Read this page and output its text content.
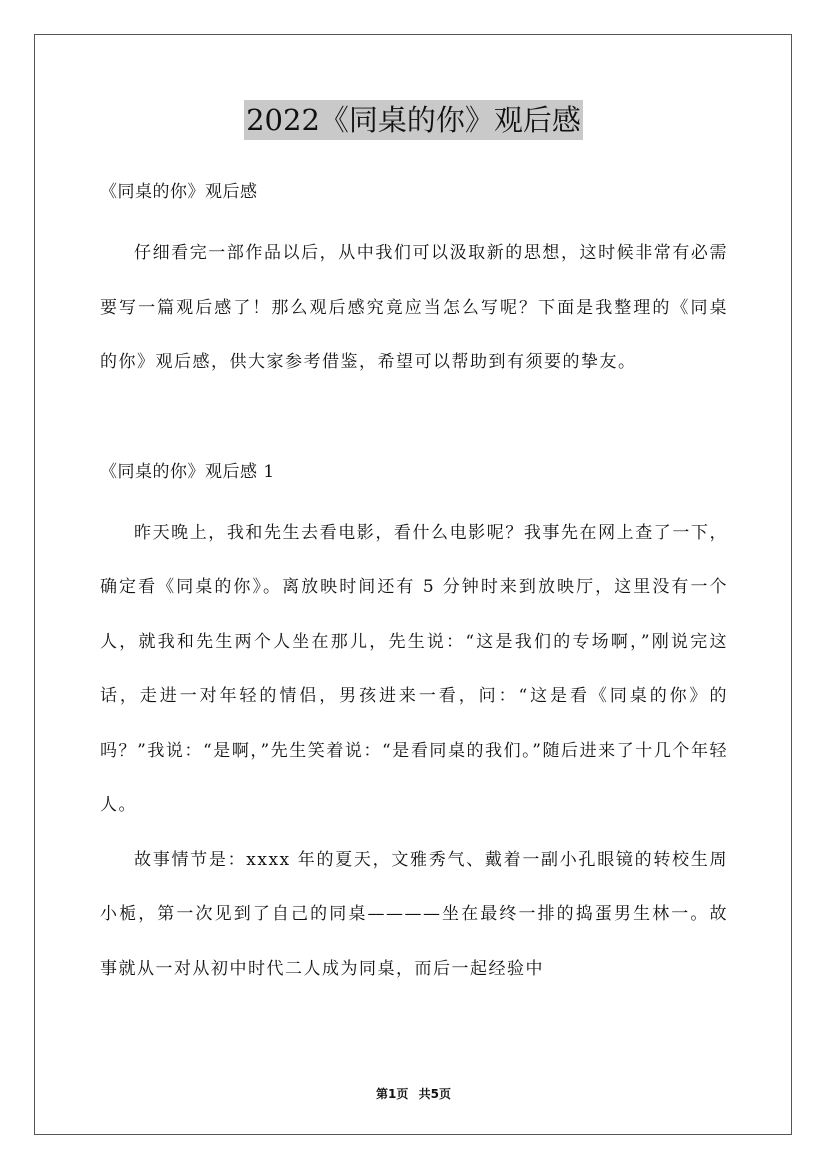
2022《同桌的你》观后感

《同桌的你》观后感

仔细看完一部作品以后，从中我们可以汲取新的思想，这时候非常有必需要写一篇观后感了！那么观后感究竟应当怎么写呢？下面是我整理的《同桌的你》观后感，供大家参考借鉴，希望可以帮助到有须要的挚友。

《同桌的你》观后感 1

昨天晚上，我和先生去看电影，看什么电影呢？我事先在网上查了一下，确定看《同桌的你》。离放映时间还有 5 分钟时来到放映厅，这里没有一个人，就我和先生两个人坐在那儿，先生说：“这是我们的专场啊，”刚说完这话，走进一对年轻的情侣，男孩进来一看，问：“这是看《同桌的你》的吗？”我说：“是啊，”先生笑着说：“是看同桌的我们。”随后进来了十几个年轻人。

故事情节是：xxxx 年的夏天，文雅秀气、戴着一副小孔眼镜的转校生周小栀，第一次见到了自己的同桌————坐在最终一排的捣蛋男生林一。故事就从一对从初中时代二人成为同桌，而后一起经验中

第1页 共5页
